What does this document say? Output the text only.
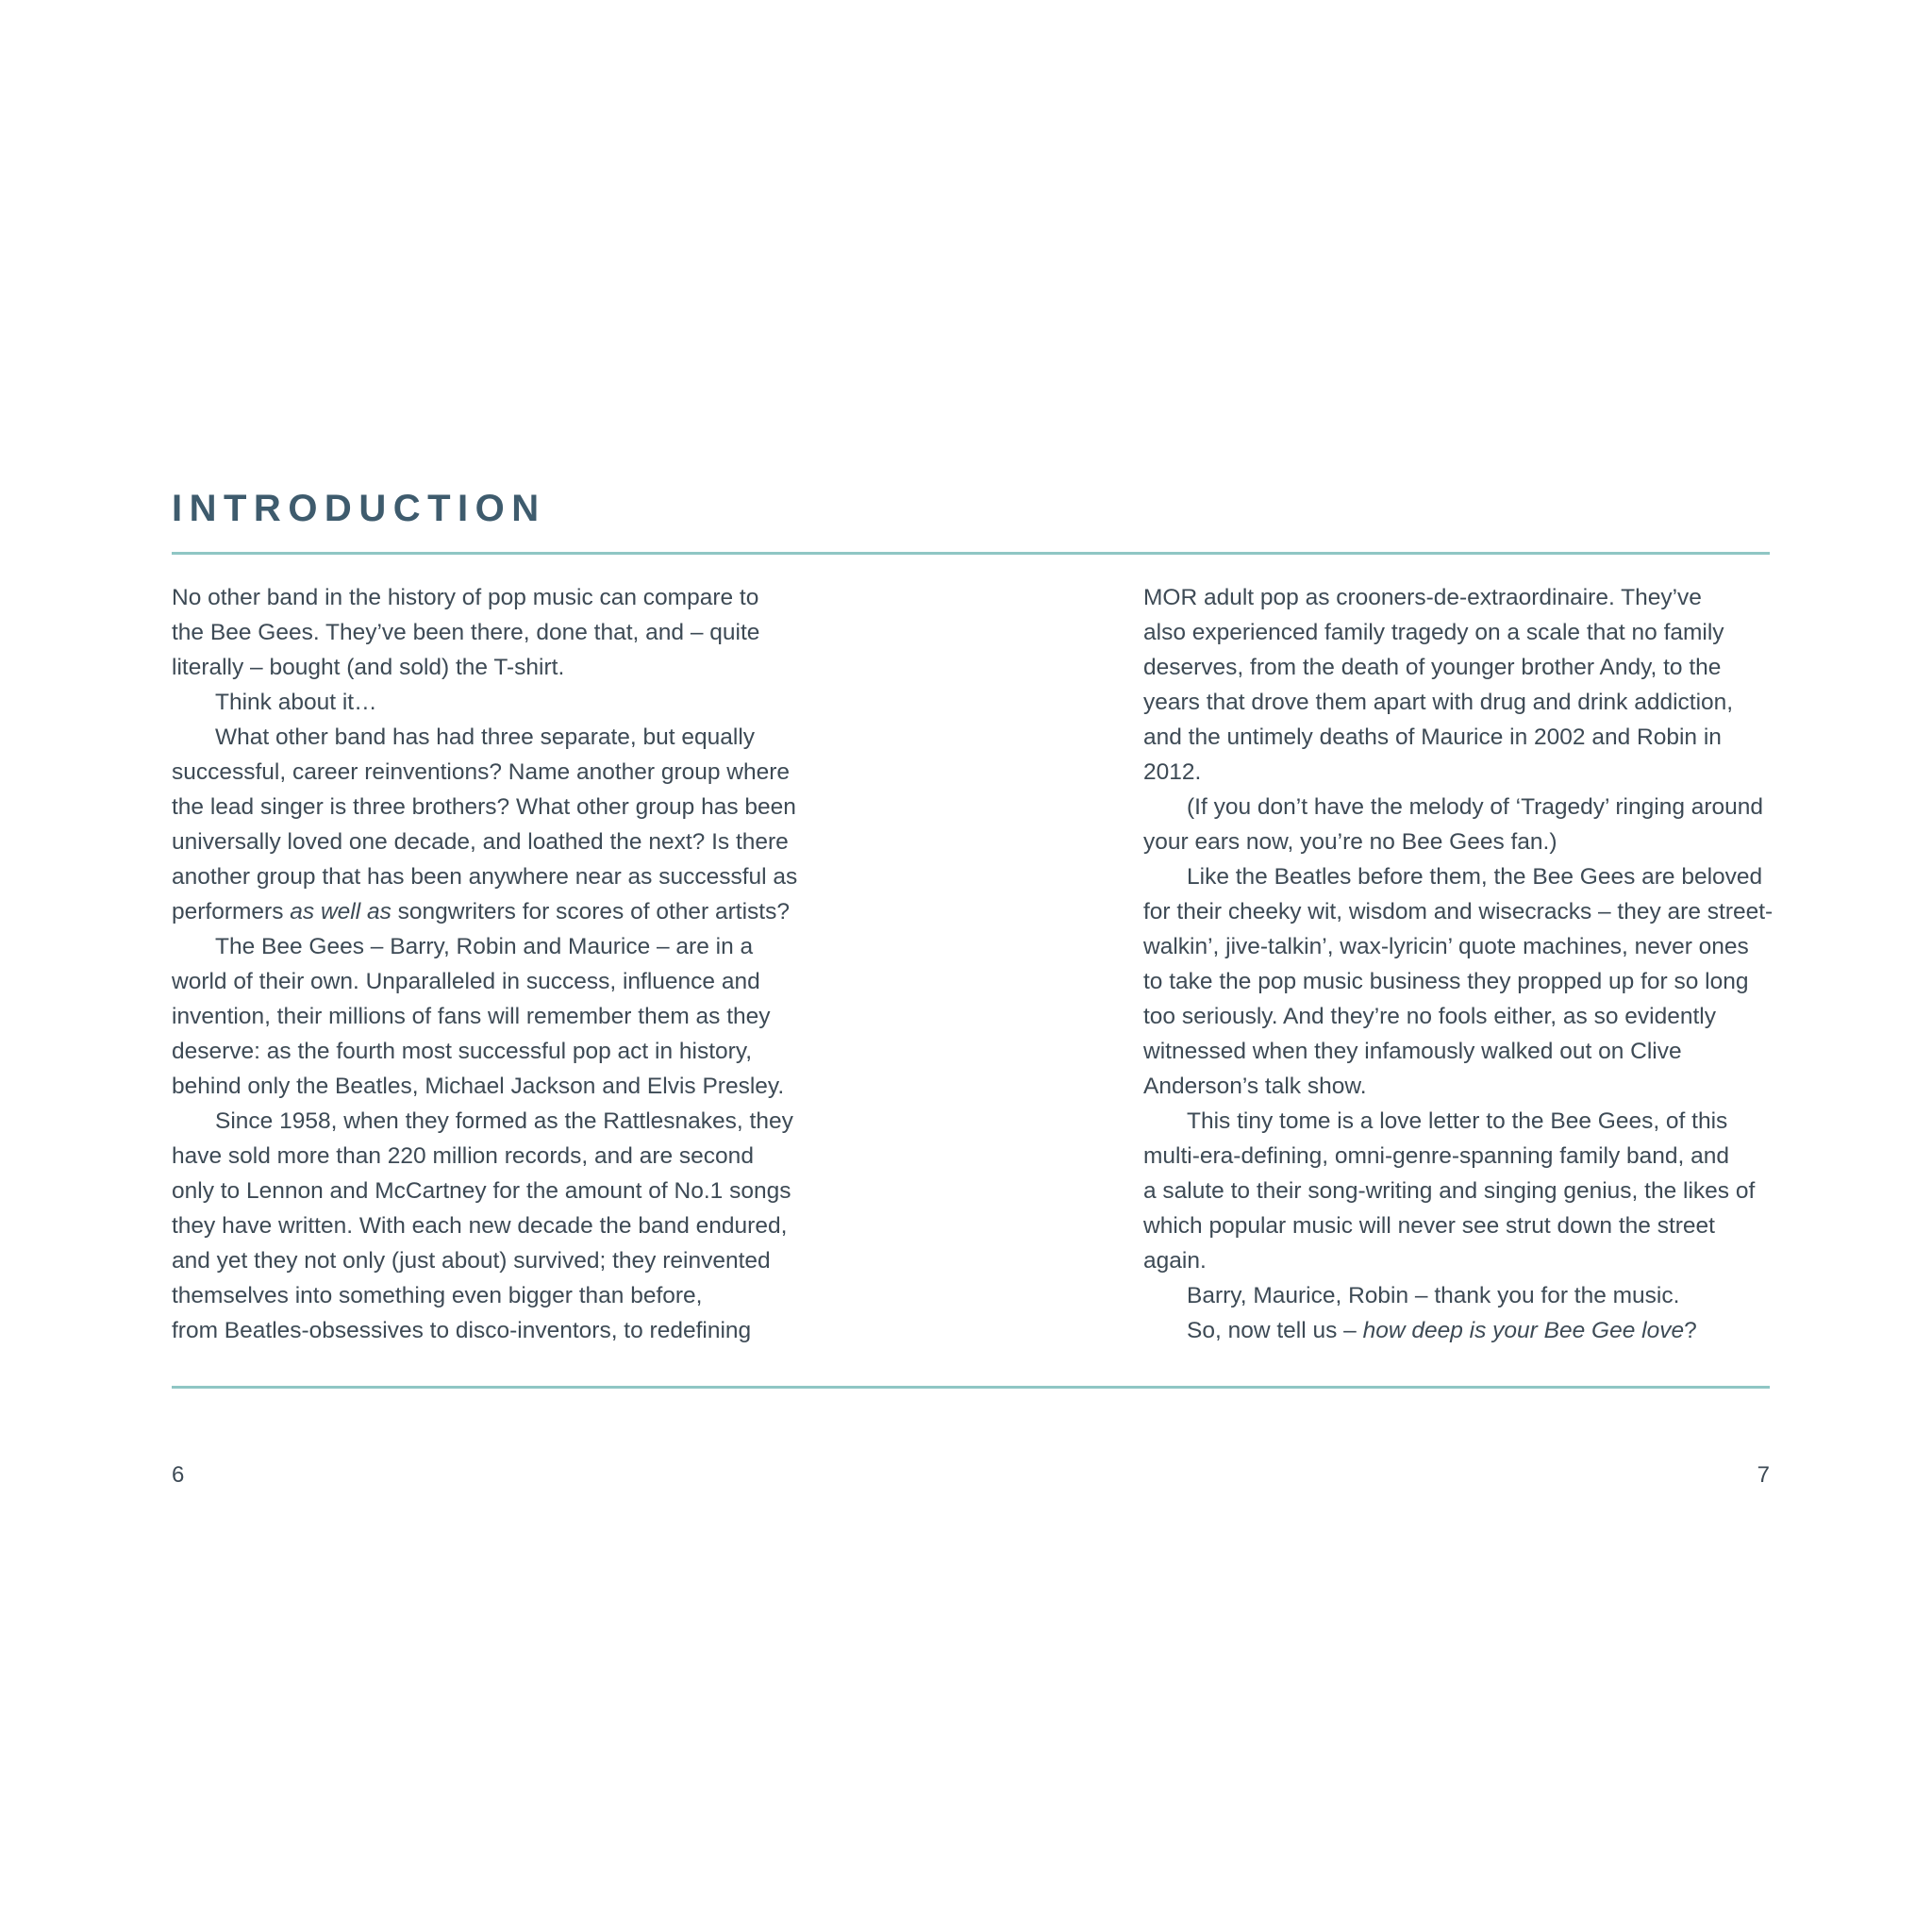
INTRODUCTION
No other band in the history of pop music can compare to
the Bee Gees. They’ve been there, done that, and – quite
literally – bought (and sold) the T-shirt.
Think about it…
What other band has had three separate, but equally
successful, career reinventions? Name another group where
the lead singer is three brothers? What other group has been
universally loved one decade, and loathed the next? Is there
another group that has been anywhere near as successful as
performers as well as songwriters for scores of other artists?
The Bee Gees – Barry, Robin and Maurice – are in a
world of their own. Unparalleled in success, influence and
invention, their millions of fans will remember them as they
deserve: as the fourth most successful pop act in history,
behind only the Beatles, Michael Jackson and Elvis Presley.
Since 1958, when they formed as the Rattlesnakes, they
have sold more than 220 million records, and are second
only to Lennon and McCartney for the amount of No.1 songs
they have written. With each new decade the band endured,
and yet they not only (just about) survived; they reinvented
themselves into something even bigger than before,
from Beatles-obsessives to disco-inventors, to redefining
MOR adult pop as crooners-de-extraordinaire. They’ve
also experienced family tragedy on a scale that no family
deserves, from the death of younger brother Andy, to the
years that drove them apart with drug and drink addiction,
and the untimely deaths of Maurice in 2002 and Robin in
2012.
(If you don’t have the melody of ‘Tragedy’ ringing around
your ears now, you’re no Bee Gees fan.)
Like the Beatles before them, the Bee Gees are beloved
for their cheeky wit, wisdom and wisecracks – they are street-
walkin’, jive-talkin’, wax-lyricin’ quote machines, never ones
to take the pop music business they propped up for so long
too seriously. And they’re no fools either, as so evidently
witnessed when they infamously walked out on Clive
Anderson’s talk show.
This tiny tome is a love letter to the Bee Gees, of this
multi-era-defining, omni-genre-spanning family band, and
a salute to their song-writing and singing genius, the likes of
which popular music will never see strut down the street
again.
Barry, Maurice, Robin – thank you for the music.
So, now tell us – how deep is your Bee Gee love?
6	7
